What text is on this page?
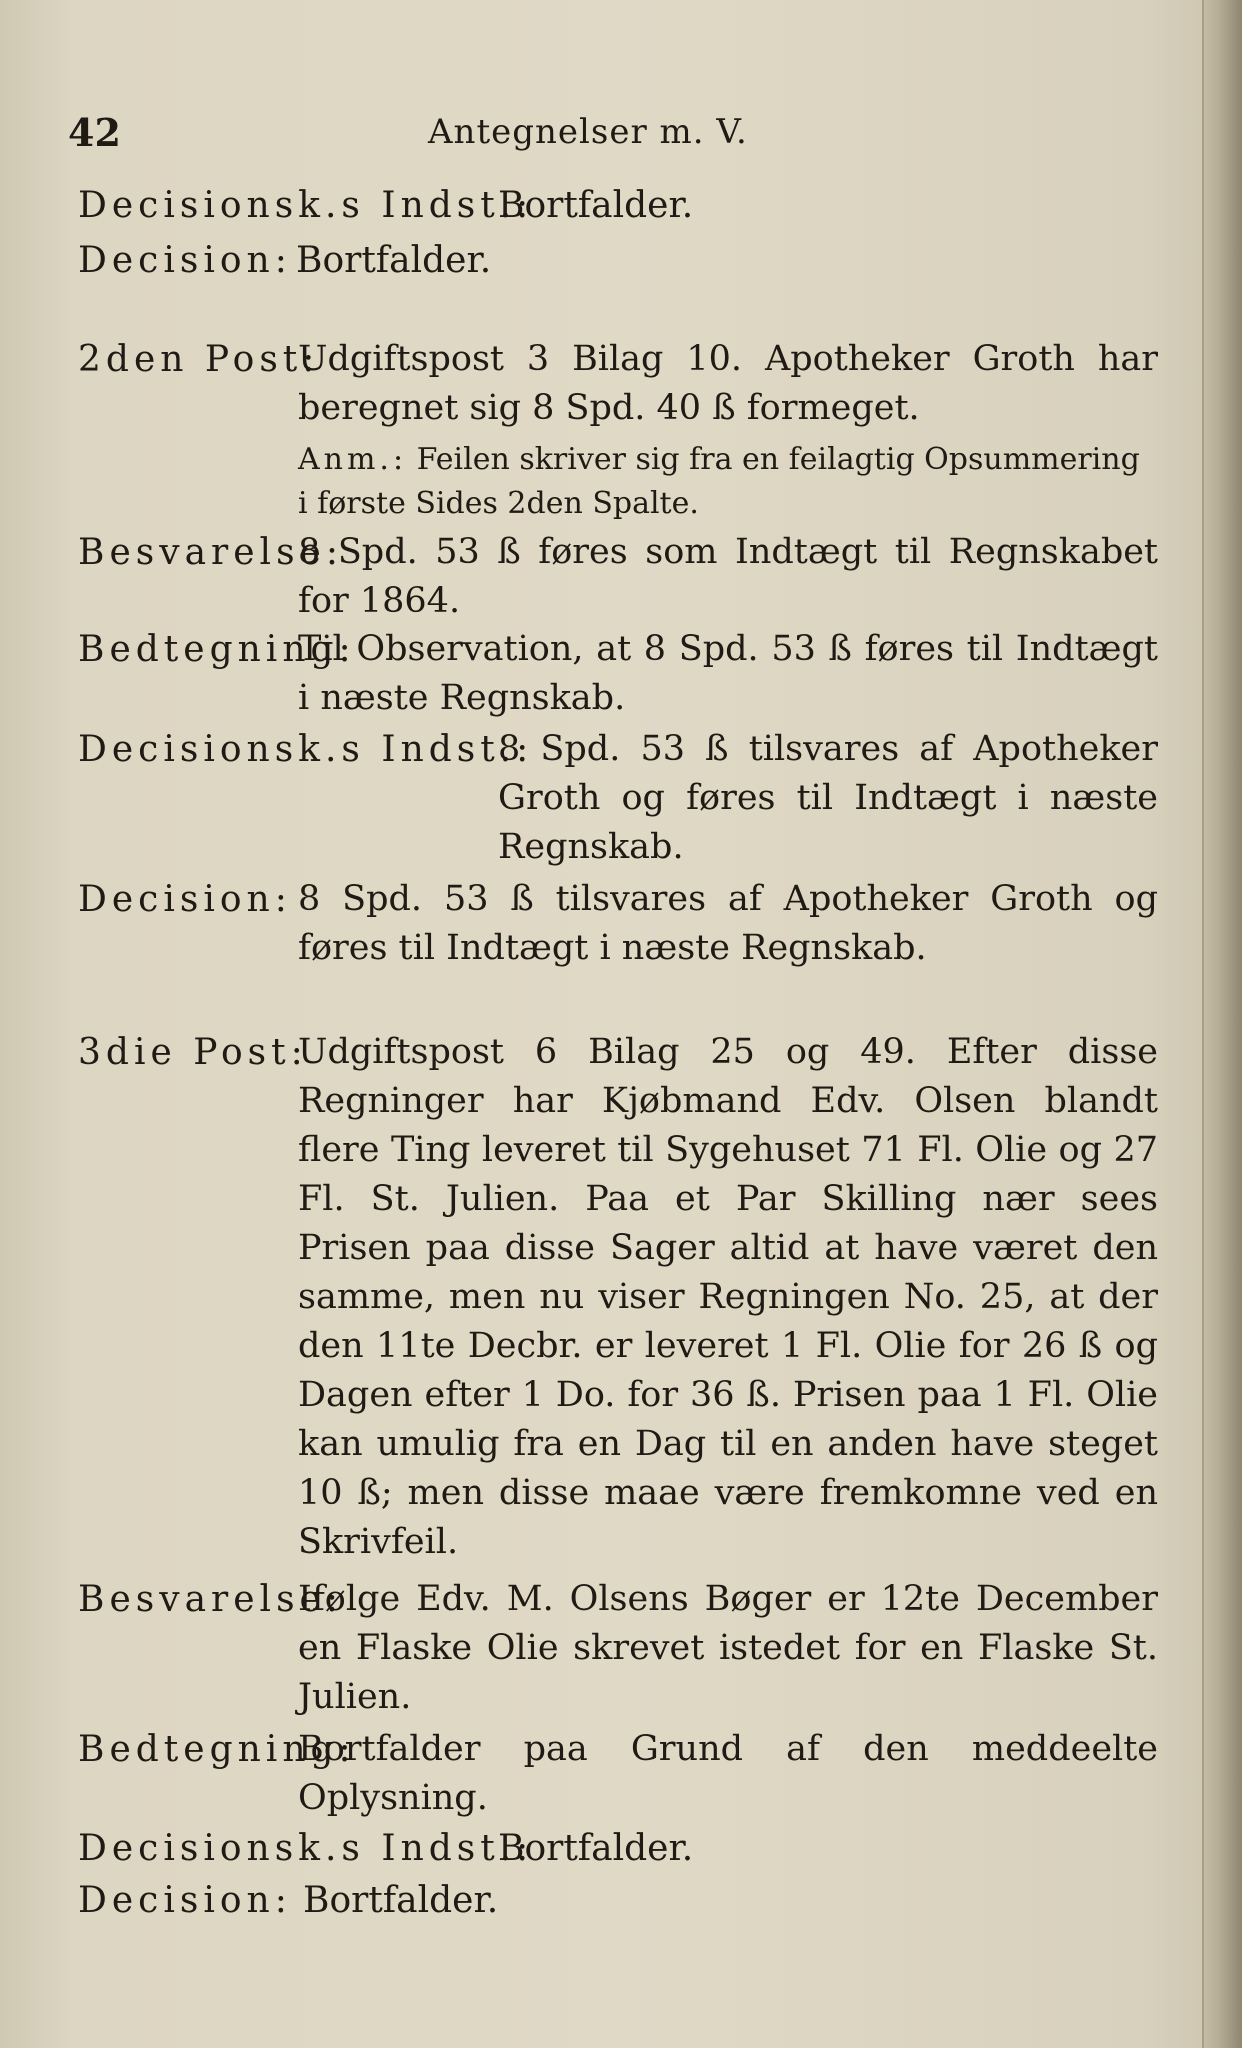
42	Antegnelser m. V.
Decisionsk.s Indst.:
Bortfalder.
Decision: Bortfalder.
2den Post:
Udgiftspost 3 Bilag 10. Apotheker Groth har beregnet sig 8 Spd. 40 ß formeget.
Anm.: Feilen skriver sig fra en feilagtig Opsummering i første Sides 2den Spalte.
Besvarelse:
8 Spd. 53 ß føres som Indtægt til Regnskabet for 1864.
Bedtegning:
Til Observation, at 8 Spd. 53 ß føres til Indtægt i næste Regnskab.
Decisionsk.s Indst.:
8 Spd. 53 ß tilsvares af Apotheker Groth og føres til Indtægt i næste Regnskab.
Decision: 8 Spd. 53 ß tilsvares af Apotheker Groth og føres til Indtægt i næste Regnskab.
3die Post:
Udgiftspost 6 Bilag 25 og 49. Efter disse Regninger har Kjøbmand Edv. Olsen blandt flere Ting leveret til Sygehuset 71 Fl. Olie og 27 Fl. St. Julien. Paa et Par Skilling nær sees Prisen paa disse Sager altid at have været den samme, men nu viser Regningen No. 25, at der den 11te Decbr. er leveret 1 Fl. Olie for 26 ß og Dagen efter 1 Do. for 36 ß. Prisen paa 1 Fl. Olie kan umulig fra en Dag til en anden have steget 10 ß; men disse maae være fremkomne ved en Skrivfeil.
Besvarelse:
Ifølge Edv. M. Olsens Bøger er 12te December en Flaske Olie skrevet istedet for en Flaske St. Julien.
Bedtegning:
Bortfalder paa Grund af den meddeelte Oplysning.
Decisionsk.s Indst.:
Bortfalder.
Decision: Bortfalder.
